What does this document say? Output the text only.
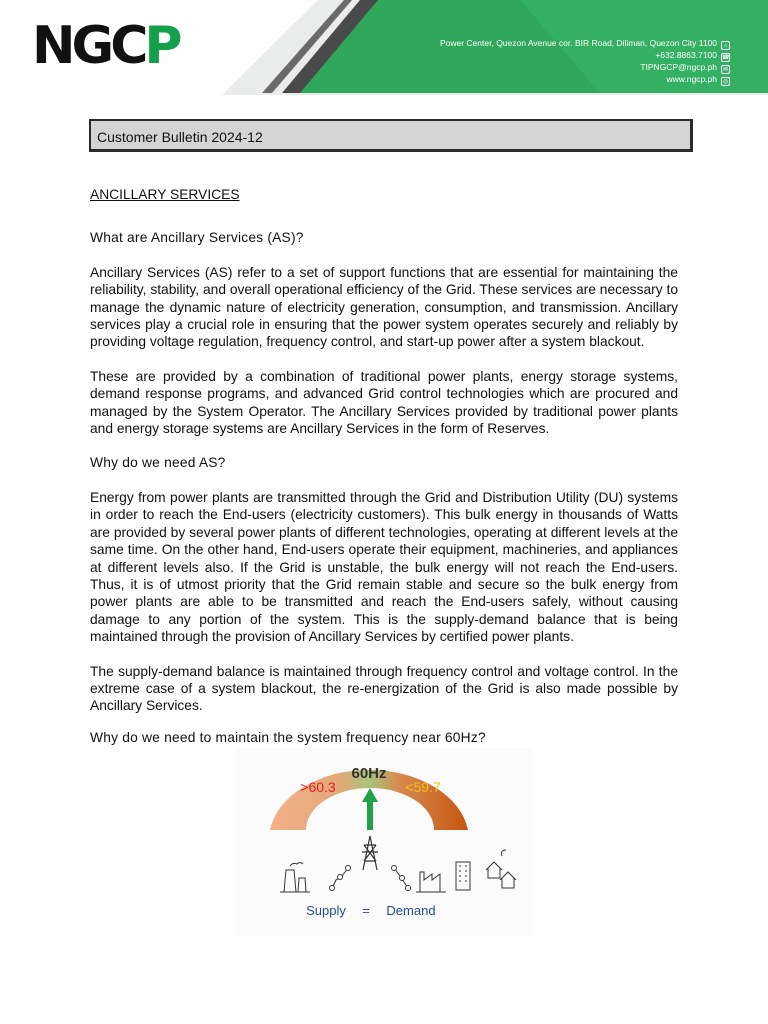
NGCP	Power Center, Quezon Avenue cor. BIR Road, Diliman, Quezon City 1100 ⌂
+632.8863.7100 ☎
TIPNGCP@ngcp.ph ✉
www.ngcp.ph ◎
Customer Bulletin 2024-12
ANCILLARY SERVICES
What are Ancillary Services (AS)?

Ancillary Services (AS) refer to a set of support functions that are essential for maintaining the reliability, stability, and overall operational efficiency of the Grid. These services are necessary to manage the dynamic nature of electricity generation, consumption, and transmission. Ancillary services play a crucial role in ensuring that the power system operates securely and reliably by providing voltage regulation, frequency control, and start-up power after a system blackout.

These are provided by a combination of traditional power plants, energy storage systems, demand response programs, and advanced Grid control technologies which are procured and managed by the System Operator. The Ancillary Services provided by traditional power plants and energy storage systems are Ancillary Services in the form of Reserves.

Why do we need AS?

Energy from power plants are transmitted through the Grid and Distribution Utility (DU) systems in order to reach the End-users (electricity customers). This bulk energy in thousands of Watts are provided by several power plants of different technologies, operating at different levels at the same time. On the other hand, End-users operate their equipment, machineries, and appliances at different levels also. If the Grid is unstable, the bulk energy will not reach the End-users. Thus, it is of utmost priority that the Grid remain stable and secure so the bulk energy from power plants are able to be transmitted and reach the End-users safely, without causing damage to any portion of the system. This is the supply-demand balance that is being maintained through the provision of Ancillary Services by certified power plants.

The supply-demand balance is maintained through frequency control and voltage control. In the extreme case of a system blackout, the re-energization of the Grid is also made possible by Ancillary Services.

Why do we need to maintain the system frequency near 60Hz?
60Hz
>60.3	<59.7
Supply = Demand
